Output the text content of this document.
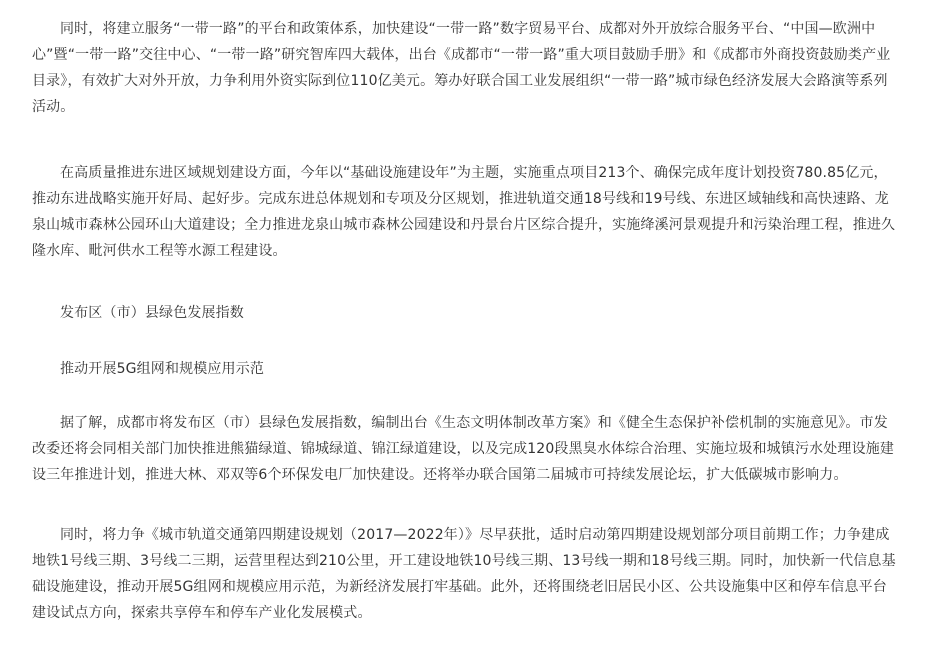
同时，将建立服务“一带一路”的平台和政策体系，加快建设“一带一路”数字贸易平台、成都对外开放综合服务平台、“中国—欧洲中心”暨“一带一路”交往中心、“一带一路”研究智库四大载体，出台《成都市“一带一路”重大项目鼓励手册》和《成都市外商投资鼓励类产业目录》，有效扩大对外开放，力争利用外资实际到位110亿美元。筹办好联合国工业发展组织“一带一路”城市绿色经济发展大会路演等系列活动。

在高质量推进东进区域规划建设方面，今年以“基础设施建设年”为主题，实施重点项目213个、确保完成年度计划投资780.85亿元，推动东进战略实施开好局、起好步。完成东进总体规划和专项及分区规划，推进轨道交通18号线和19号线、东进区域轴线和高快速路、龙泉山城市森林公园环山大道建设；全力推进龙泉山城市森林公园建设和丹景台片区综合提升，实施绛溪河景观提升和污染治理工程，推进久隆水库、毗河供水工程等水源工程建设。

发布区（市）县绿色发展指数

推动开展5G组网和规模应用示范

据了解，成都市将发布区（市）县绿色发展指数，编制出台《生态文明体制改革方案》和《健全生态保护补偿机制的实施意见》。市发改委还将会同相关部门加快推进熊猫绿道、锦城绿道、锦江绿道建设，以及完成120段黑臭水体综合治理、实施垃圾和城镇污水处理设施建设三年推进计划，推进大林、邓双等6个环保发电厂加快建设。还将举办联合国第二届城市可持续发展论坛，扩大低碳城市影响力。

同时，将力争《城市轨道交通第四期建设规划（2017—2022年）》尽早获批，适时启动第四期建设规划部分项目前期工作；力争建成地铁1号线三期、3号线二三期，运营里程达到210公里，开工建设地铁10号线三期、13号线一期和18号线三期。同时，加快新一代信息基础设施建设，推动开展5G组网和规模应用示范，为新经济发展打牢基础。此外，还将围绕老旧居民小区、公共设施集中区和停车信息平台建设试点方向，探索共享停车和停车产业化发展模式。
